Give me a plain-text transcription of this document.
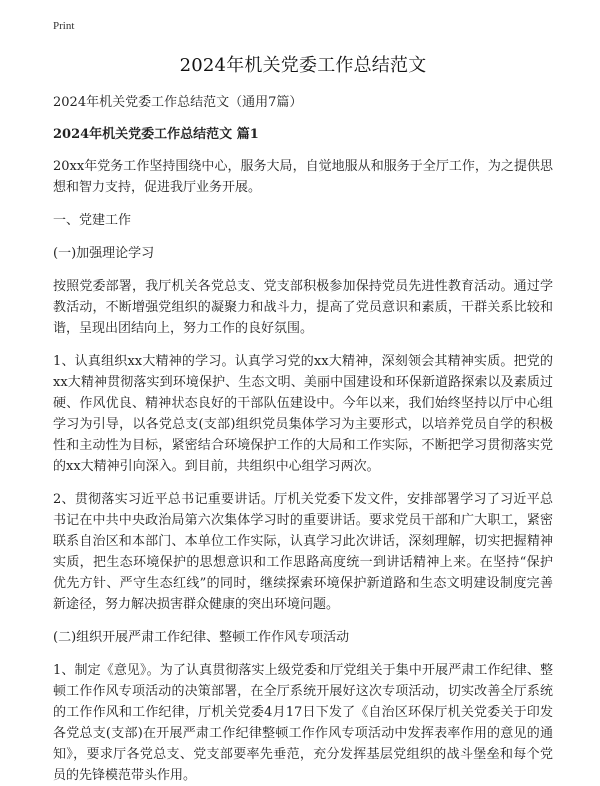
Print
2024年机关党委工作总结范文
2024年机关党委工作总结范文（通用7篇）
2024年机关党委工作总结范文 篇1

20xx年党务工作坚持围绕中心，服务大局，自觉地服从和服务于全厅工作，为之提供思想和智力支持，促进我厅业务开展。

一、党建工作
(一)加强理论学习

按照党委部署，我厅机关各党总支、党支部积极参加保持党员先进性教育活动。通过学教活动，不断增强党组织的凝聚力和战斗力，提高了党员意识和素质，干群关系比较和谐，呈现出团结向上，努力工作的良好氛围。

1、认真组织xx大精神的学习。认真学习党的xx大精神，深刻领会其精神实质。把党的xx大精神贯彻落实到环境保护、生态文明、美丽中国建设和环保新道路探索以及素质过硬、作风优良、精神状态良好的干部队伍建设中。今年以来，我们始终坚持以厅中心组学习为引导，以各党总支(支部)组织党员集体学习为主要形式，以培养党员自学的积极性和主动性为目标，紧密结合环境保护工作的大局和工作实际，不断把学习贯彻落实党的xx大精神引向深入。到目前，共组织中心组学习两次。

2、贯彻落实习近平总书记重要讲话。厅机关党委下发文件，安排部署学习了习近平总书记在中共中央政治局第六次集体学习时的重要讲话。要求党员干部和广大职工，紧密联系自治区和本部门、本单位工作实际，认真学习此次讲话，深刻理解，切实把握精神实质，把生态环境保护的思想意识和工作思路高度统一到讲话精神上来。在坚持“保护优先方针、严守生态红线”的同时，继续探索环境保护新道路和生态文明建设制度完善新途径，努力解决损害群众健康的突出环境问题。

(二)组织开展严肃工作纪律、整顿工作作风专项活动

1、制定《意见》。为了认真贯彻落实上级党委和厅党组关于集中开展严肃工作纪律、整顿工作作风专项活动的决策部署，在全厅系统开展好这次专项活动，切实改善全厅系统的工作作风和工作纪律，厅机关党委4月17日下发了《自治区环保厅机关党委关于印发各党总支(支部)在开展严肃工作纪律整顿工作作风专项活动中发挥表率作用的意见的通知》，要求厅各党总支、党支部要率先垂范，充分发挥基层党组织的战斗堡垒和每个党员的先锋模范带头作用。
